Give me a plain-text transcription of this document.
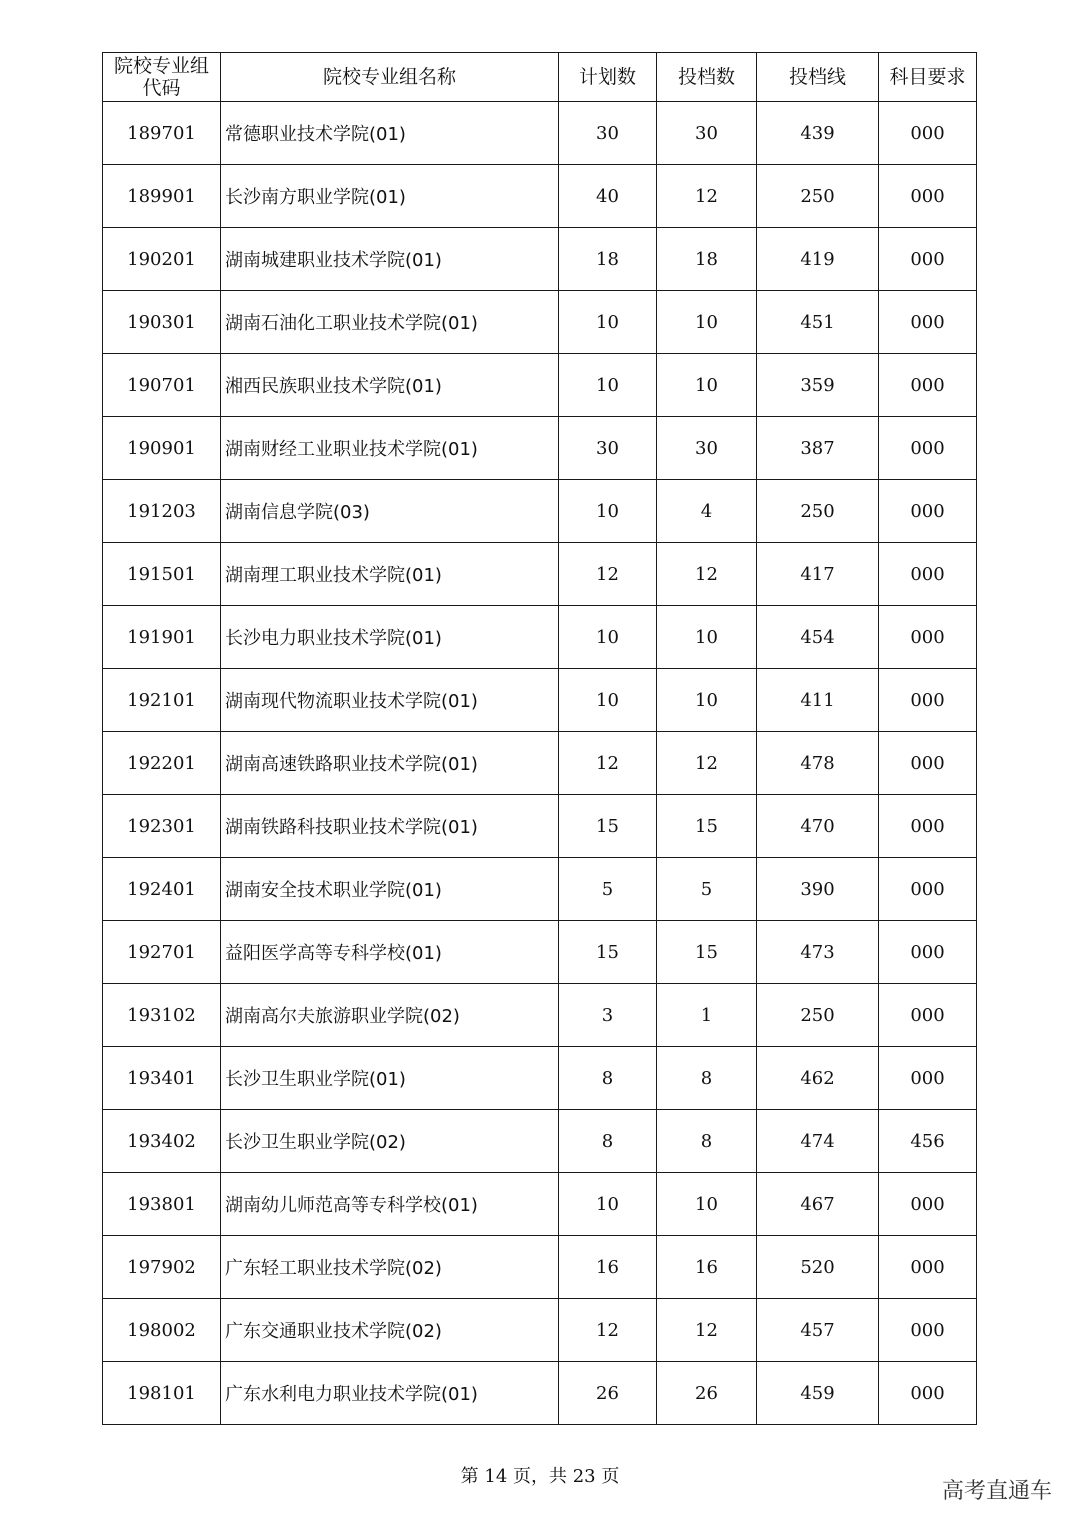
院校专业组代码	院校专业组名称	计划数	投档数	投档线	科目要求
189701	常德职业技术学院(01)	30	30	439	000
189901	长沙南方职业学院(01)	40	12	250	000
190201	湖南城建职业技术学院(01)	18	18	419	000
190301	湖南石油化工职业技术学院(01)	10	10	451	000
190701	湘西民族职业技术学院(01)	10	10	359	000
190901	湖南财经工业职业技术学院(01)	30	30	387	000
191203	湖南信息学院(03)	10	4	250	000
191501	湖南理工职业技术学院(01)	12	12	417	000
191901	长沙电力职业技术学院(01)	10	10	454	000
192101	湖南现代物流职业技术学院(01)	10	10	411	000
192201	湖南高速铁路职业技术学院(01)	12	12	478	000
192301	湖南铁路科技职业技术学院(01)	15	15	470	000
192401	湖南安全技术职业学院(01)	5	5	390	000
192701	益阳医学高等专科学校(01)	15	15	473	000
193102	湖南高尔夫旅游职业学院(02)	3	1	250	000
193401	长沙卫生职业学院(01)	8	8	462	000
193402	长沙卫生职业学院(02)	8	8	474	456
193801	湖南幼儿师范高等专科学校(01)	10	10	467	000
197902	广东轻工职业技术学院(02)	16	16	520	000
198002	广东交通职业技术学院(02)	12	12	457	000
198101	广东水利电力职业技术学院(01)	26	26	459	000
第 14 页，共 23 页
高考直通车
